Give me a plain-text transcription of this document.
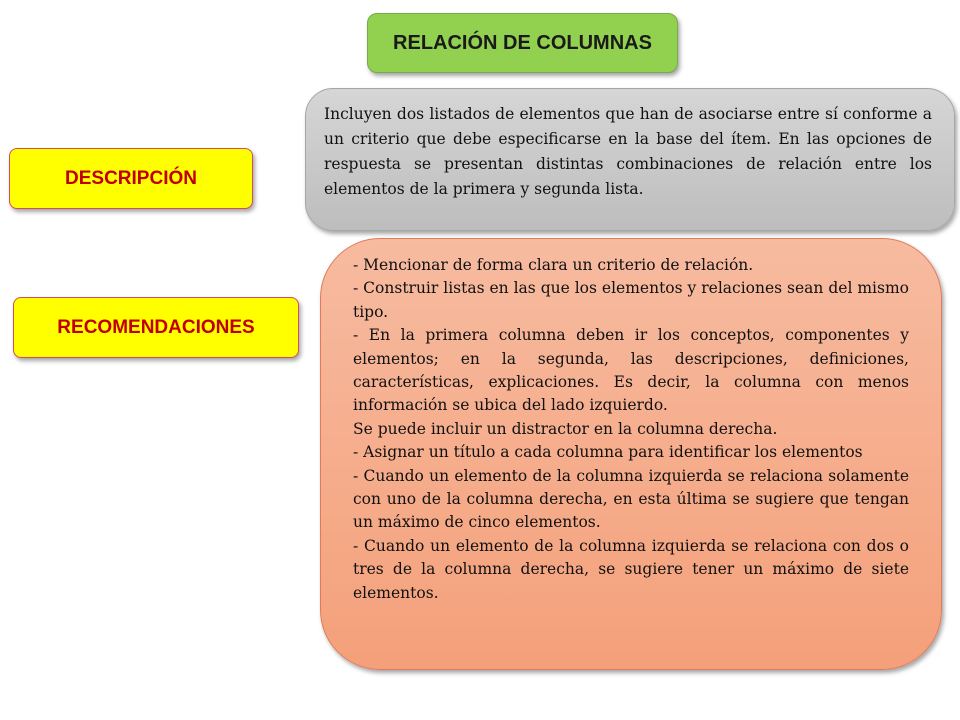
RELACIÓN DE COLUMNAS
DESCRIPCIÓN

Incluyen dos listados de elementos que han de asociarse entre sí conforme a un criterio que debe especificarse en la base del ítem. En las opciones de respuesta se presentan distintas combinaciones de relación entre los elementos de la primera y segunda lista.

RECOMENDACIONES

- Mencionar de forma clara un criterio de relación.

- Construir listas en las que los elementos y relaciones sean del mismo tipo.

- En la primera columna deben ir los conceptos, componentes y elementos; en la segunda, las descripciones, definiciones, características, explicaciones. Es decir, la columna con menos información se ubica del lado izquierdo.

Se puede incluir un distractor en la columna derecha.

- Asignar un título a cada columna para identificar los elementos

- Cuando un elemento de la columna izquierda se relaciona solamente con uno de la columna derecha, en esta última se sugiere que tengan un máximo de cinco elementos.

- Cuando un elemento de la columna izquierda se relaciona con dos o tres de la columna derecha, se sugiere tener un máximo de siete elementos.
